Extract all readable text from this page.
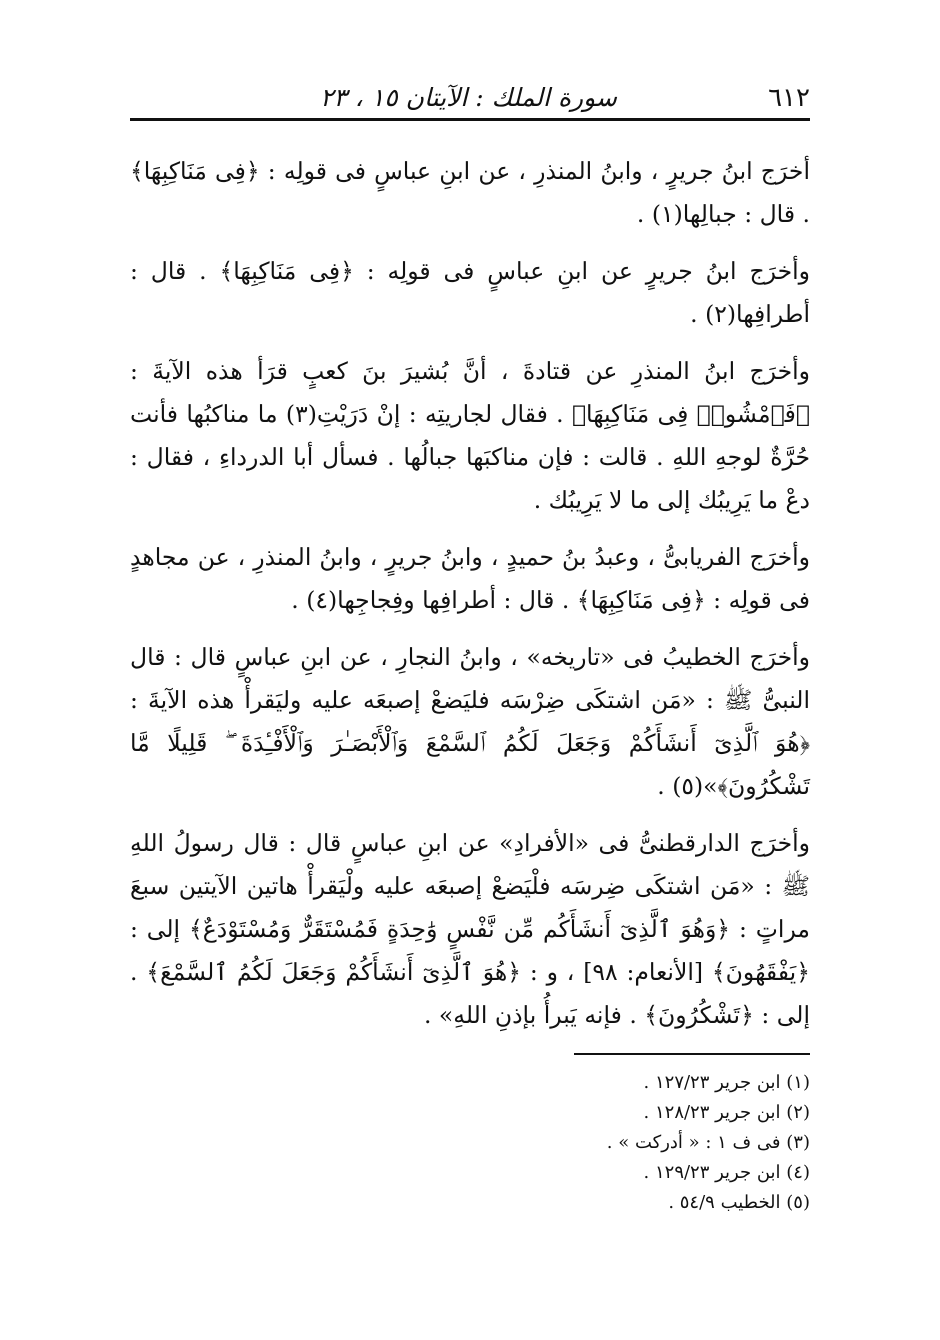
٦١٢
سورة الملك : الآيتان ١٥ ، ٢٣

أخرَج ابنُ جريرٍ ، وابنُ المنذرِ ، عن ابنِ عباسٍ فى قولِه : ﴿فِى مَنَاكِبِهَا﴾ . قال : جبالِها(١) .

وأخرَج ابنُ جريرٍ عن ابنِ عباسٍ فى قولِه : ﴿فِى مَنَاكِبِهَا﴾ . قال : أطرافِها(٢) .

وأخرَج ابنُ المنذرِ عن قتادةَ ، أنَّ بُشيرَ بنَ كعبٍ قرَأ هذه الآيةَ : ﴿فَٱمْشُوا۟ فِى مَنَاكِبِهَا﴾ . فقال لجاريتِه : إنْ دَرَيْتِ(٣) ما مناكبُها فأنت حُرَّةٌ لوجهِ اللهِ . قالت : فإن مناكبَها جبالُها . فسأل أبا الدرداءِ ، فقال : دعْ ما يَرِيبُك إلى ما لا يَرِيبُك .

وأخرَج الفريابىُّ ، وعبدُ بنُ حميدٍ ، وابنُ جريرٍ ، وابنُ المنذرِ ، عن مجاهدٍ فى قولِه : ﴿فِى مَنَاكِبِهَا﴾ . قال : أطرافِها وفِجاجِها(٤) .

وأخرَج الخطيبُ فى «تاريخه» ، وابنُ النجارِ ، عن ابنِ عباسٍ قال : قال النبىُّ ﷺ : «مَن اشتكَى ضِرْسَه فليَضعْ إصبعَه عليه وليَقرأْ هذه الآيةَ : ﴿هُوَ ٱلَّذِىٓ أَنشَأَكُمْ وَجَعَلَ لَكُمُ ٱلسَّمْعَ وَٱلْأَبْصَـٰرَ وَٱلْأَفْـِٔدَةَ ۖ قَلِيلًا مَّا تَشْكُرُونَ﴾»(٥) .

وأخرَج الدارقطنىُّ فى «الأفرادِ» عن ابنِ عباسٍ قال : قال رسولُ اللهِ ﷺ : «مَن اشتكَى ضِرسَه فلْيَضعْ إصبعَه عليه ولْيَقرأْ هاتين الآيتين سبعَ مراتٍ : ﴿وَهُوَ ٱلَّذِىٓ أَنشَأَكُم مِّن نَّفْسٍ وَٰحِدَةٍ فَمُسْتَقَرٌّ وَمُسْتَوْدَعٌ﴾ إلى : ﴿يَفْقَهُونَ﴾ [الأنعام: ٩٨] ، و : ﴿هُوَ ٱلَّذِىٓ أَنشَأَكُمْ وَجَعَلَ لَكُمُ ٱلسَّمْعَ﴾ . إلى : ﴿تَشْكُرُونَ﴾ . فإنه يَبرأُ بإذنِ اللهِ» .

(١) ابن جرير ١٢٧/٢٣ .

(٢) ابن جرير ١٢٨/٢٣ .

(٣) فى ف ١ : « أدركت » .

(٤) ابن جرير ١٢٩/٢٣ .

(٥) الخطيب ٥٤/٩ .
